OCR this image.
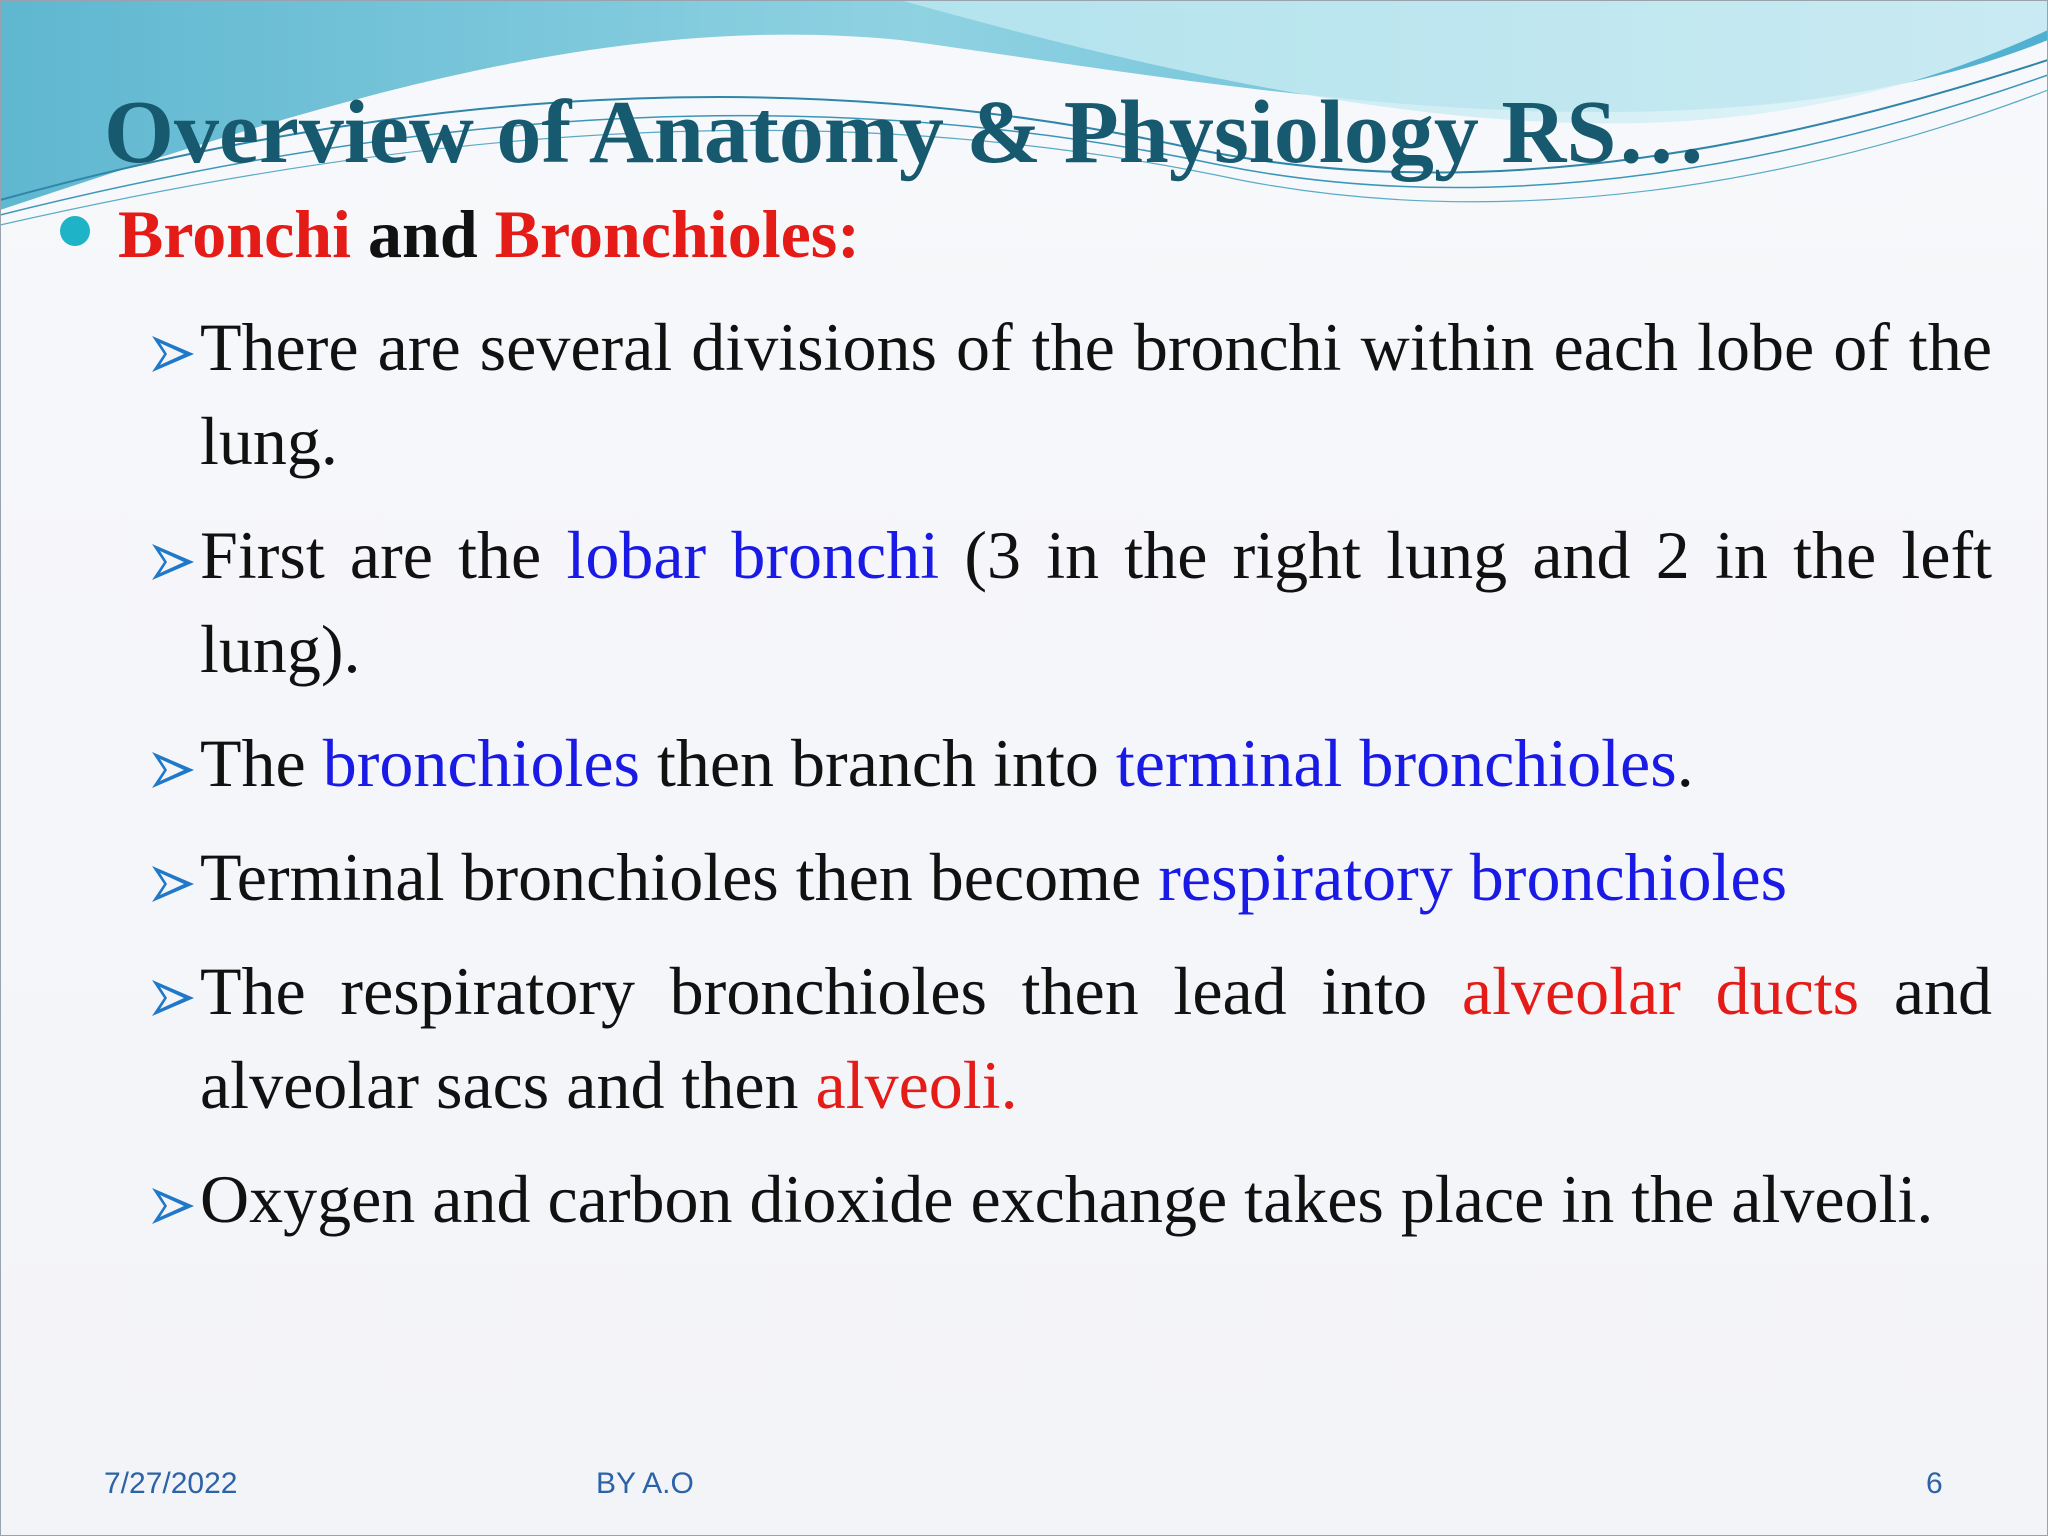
Overview of Anatomy & Physiology RS…
Bronchi and Bronchioles:
There are several divisions of the bronchi within each lobe of the lung.
First are the lobar bronchi (3 in the right lung and 2 in the left lung).
The bronchioles then branch into terminal bronchioles.
Terminal bronchioles then become respiratory bronchioles
The respiratory bronchioles then lead into alveolar ducts and alveolar sacs and then alveoli.
Oxygen and carbon dioxide exchange takes place in the alveoli.
7/27/2022	BY A.O	6
